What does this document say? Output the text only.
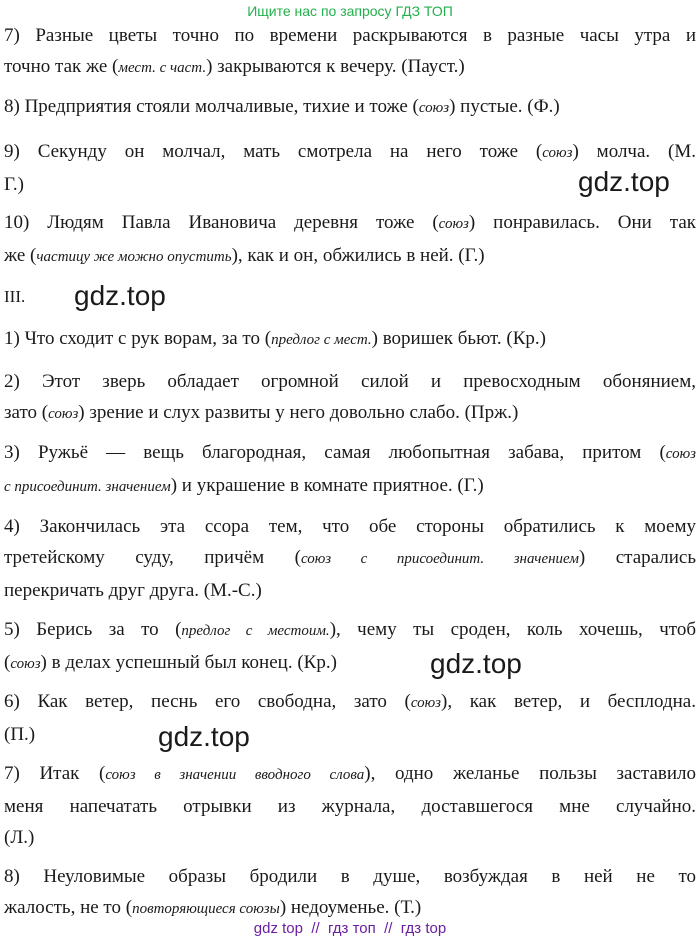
Ищите нас по запросу ГДЗ ТОП
7) Разные цветы точно по времени раскрываются в разные часы утра и
точно так же (мест. с част.) закрываются к вечеру. (Пауст.)
8) Предприятия стояли молчаливые, тихие и тоже (союз) пустые. (Ф.)
9) Секунду он молчал, мать смотрела на него тоже (союз) молча. (М.
Г.)	gdz.top
10) Людям Павла Ивановича деревня тоже (союз) понравилась. Они так
же (частицу же можно опустить), как и он, обжились в ней. (Г.)
III.	gdz.top
1) Что сходит с рук ворам, за то (предлог с мест.) воришек бьют. (Кр.)
2) Этот зверь обладает огромной силой и превосходным обонянием,
зато (союз) зрение и слух развиты у него довольно слабо. (Прж.)
3) Ружьё — вещь благородная, самая любопытная забава, притом (союз
с присоединит. значением) и украшение в комнате приятное. (Г.)
4) Закончилась эта ссора тем, что обе стороны обратились к моему
третейскому суду, причём (союз с присоединит. значением) старались
перекричать друг друга. (М.-С.)
5) Берись за то (предлог с местоим.), чему ты сроден, коль хочешь, чтоб
(союз) в делах успешный был конец. (Кр.)	gdz.top
6) Как ветер, песнь его свободна, зато (союз), как ветер, и бесплодна.
(П.)	gdz.top
7) Итак (союз в значении вводного слова), одно желанье пользы заставило
меня напечатать отрывки из журнала, доставшегося мне случайно.
(Л.)
8) Неуловимые образы бродили в душе, возбуждая в ней не то
жалость, не то (повторяющиеся союзы) недоуменье. (Т.)
gdz top  //  гдз топ  //  гдз top
